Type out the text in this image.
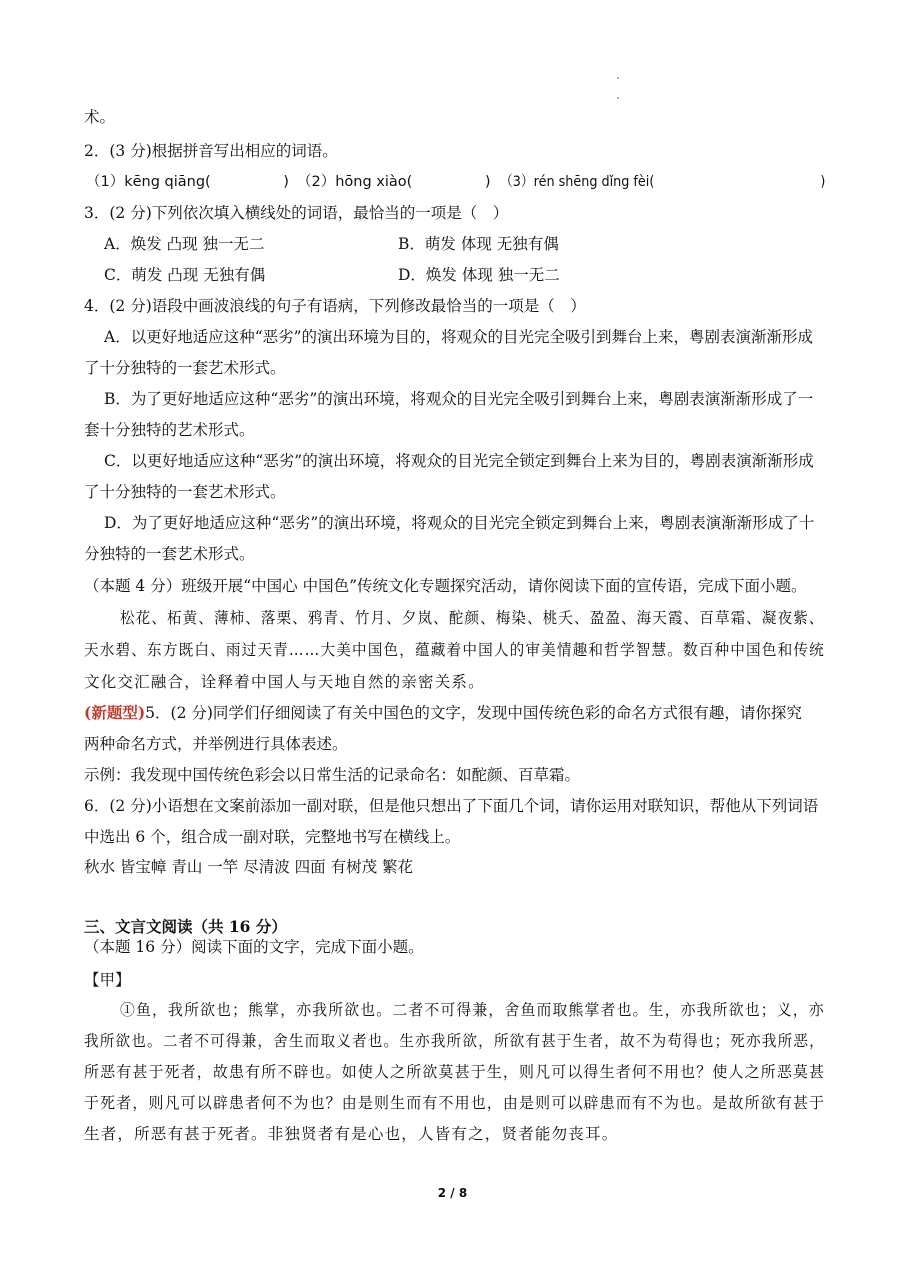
术。
2．(3 分)根据拼音写出相应的词语。
（1）kēng qiāng(　　　　　) （2）hōng xiào(　　　　　) （3）rén shēng dǐng fèi(　　　　　　　　　　　　　)
3．(2 分)下列依次填入横线处的词语，最恰当的一项是（　）
A．焕发 凸现 独一无二	B．萌发 体现 无独有偶
C．萌发 凸现 无独有偶	D．焕发 体现 独一无二
4．(2 分)语段中画波浪线的句子有语病，下列修改最恰当的一项是（　）
A．以更好地适应这种“恶劣”的演出环境为目的，将观众的目光完全吸引到舞台上来，粤剧表演渐渐形成
了十分独特的一套艺术形式。
B．为了更好地适应这种“恶劣”的演出环境，将观众的目光完全吸引到舞台上来，粤剧表演渐渐形成了一
套十分独特的艺术形式。
C．以更好地适应这种“恶劣”的演出环境，将观众的目光完全锁定到舞台上来为目的，粤剧表演渐渐形成
了十分独特的一套艺术形式。
D．为了更好地适应这种“恶劣”的演出环境，将观众的目光完全锁定到舞台上来，粤剧表演渐渐形成了十
分独特的一套艺术形式。
（本题 4 分）班级开展“中国心 中国色”传统文化专题探究活动，请你阅读下面的宣传语，完成下面小题。
松花、柘黄、薄柿、落栗、鸦青、竹月、夕岚、酡颜、梅染、桃夭、盈盈、海天霞、百草霜、凝夜紫、
天水碧、东方既白、雨过天青……大美中国色，蕴藏着中国人的审美情趣和哲学智慧。数百种中国色和传统
文化交汇融合，诠释着中国人与天地自然的亲密关系。
(新题型)5．(2 分)同学们仔细阅读了有关中国色的文字，发现中国传统色彩的命名方式很有趣，请你探究
两种命名方式，并举例进行具体表述。
示例：我发现中国传统色彩会以日常生活的记录命名：如酡颜、百草霜。
6．(2 分)小语想在文案前添加一副对联，但是他只想出了下面几个词，请你运用对联知识，帮他从下列词语
中选出 6 个，组合成一副对联，完整地书写在横线上。
秋水 皆宝幛 青山 一竿 尽清波 四面 有树茂 繁花
三、文言文阅读（共 16 分）
（本题 16 分）阅读下面的文字，完成下面小题。
【甲】
①鱼，我所欲也；熊掌，亦我所欲也。二者不可得兼，舍鱼而取熊掌者也。生，亦我所欲也；义，亦
我所欲也。二者不可得兼，舍生而取义者也。生亦我所欲，所欲有甚于生者，故不为苟得也；死亦我所恶，
所恶有甚于死者，故患有所不辟也。如使人之所欲莫甚于生，则凡可以得生者何不用也？使人之所恶莫甚
于死者，则凡可以辟患者何不为也？由是则生而有不用也，由是则可以辟患而有不为也。是故所欲有甚于
生者，所恶有甚于死者。非独贤者有是心也，人皆有之，贤者能勿丧耳。
2 / 8
